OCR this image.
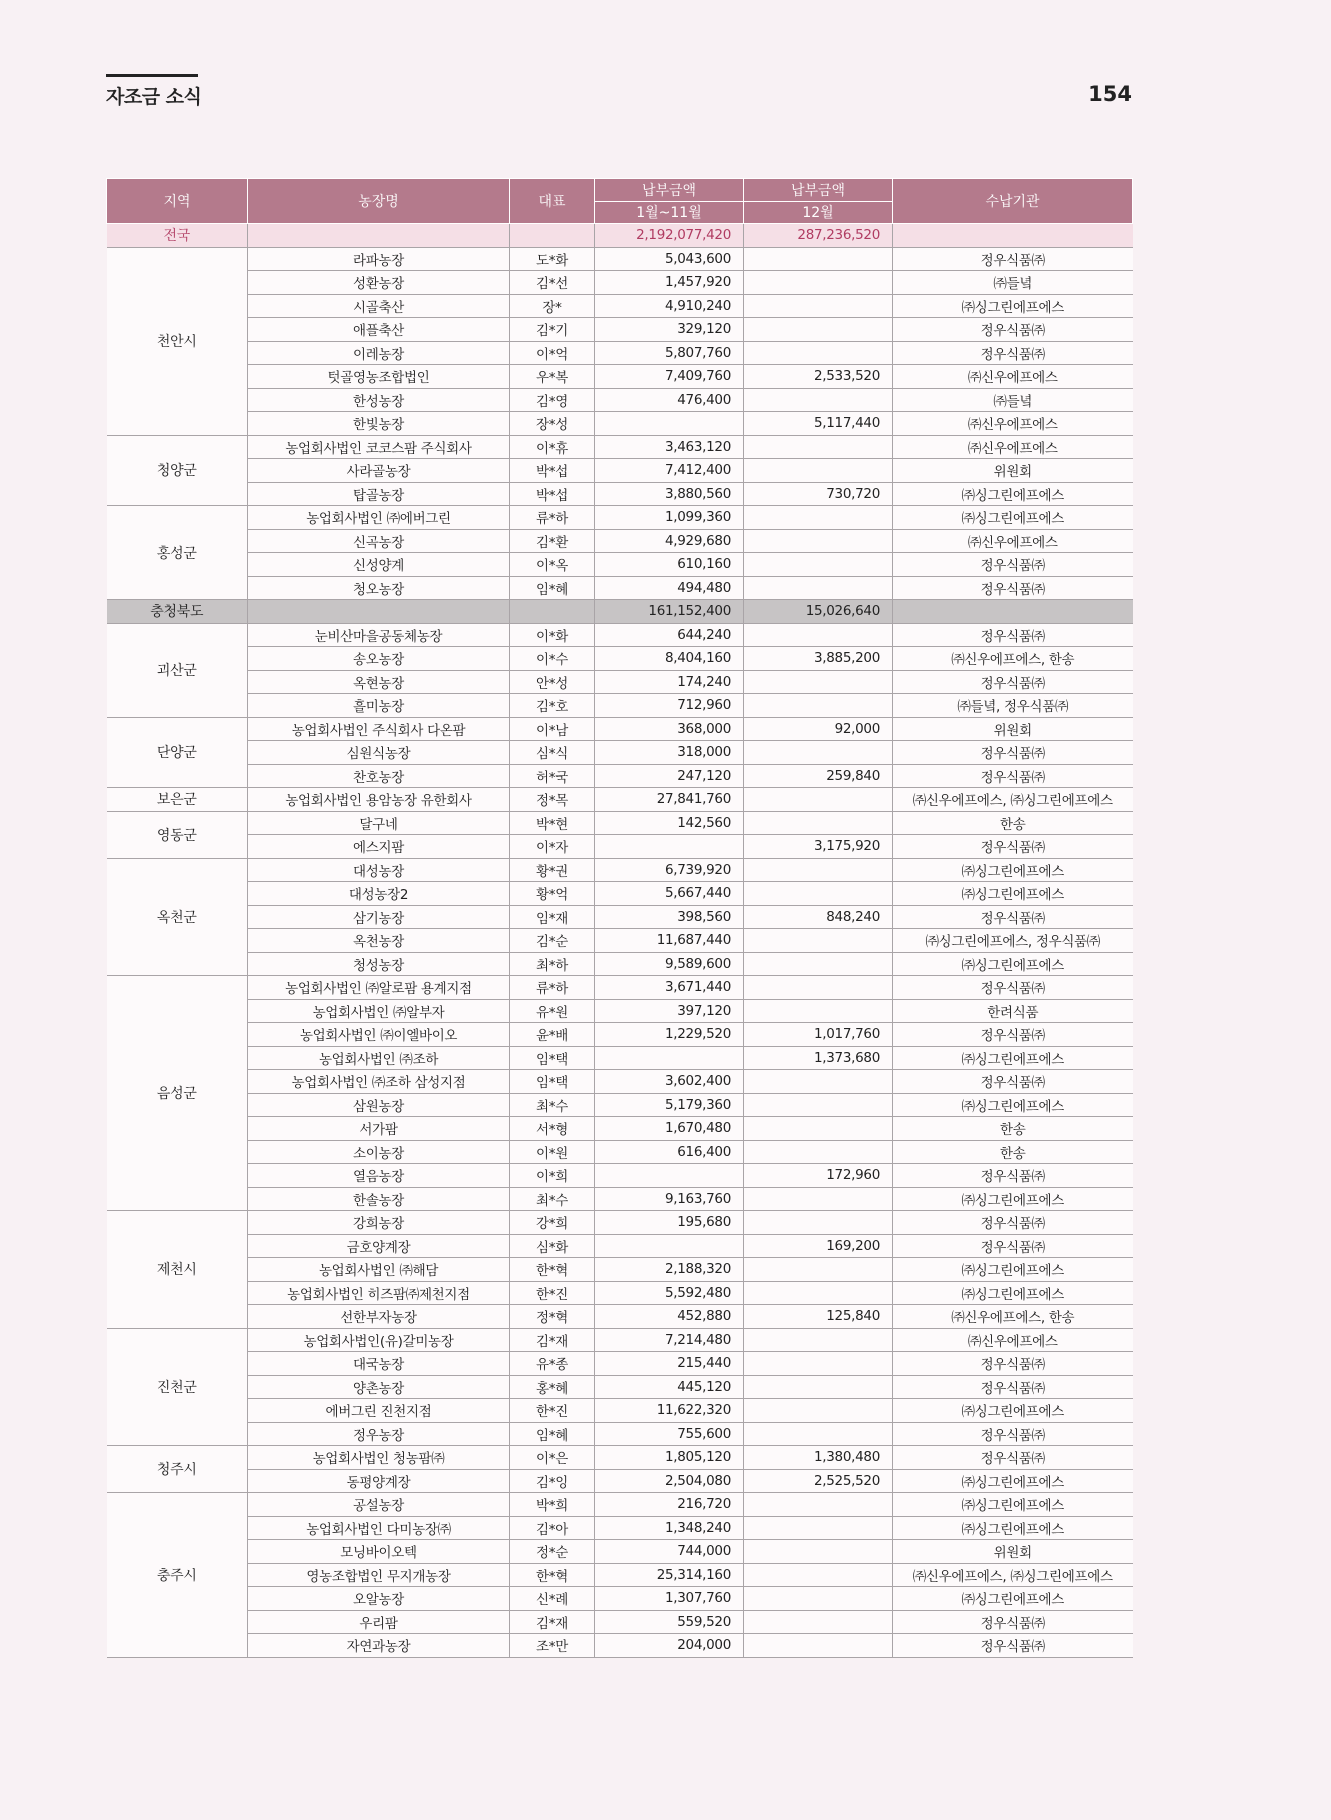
자조금 소식	154
지역	농장명	대표	납부금액	납부금액	수납기관
			1월~11월	12월	
전국			2,192,077,420	287,236,520	
천안시	라파농장	도*화	5,043,600		정우식품㈜
	성환농장	김*선	1,457,920		㈜들녘
	시골축산	장*	4,910,240		㈜싱그린에프에스
	애플축산	김*기	329,120		정우식품㈜
	이레농장	이*억	5,807,760		정우식품㈜
	텃골영농조합법인	우*복	7,409,760	2,533,520	㈜신우에프에스
	한성농장	김*영	476,400		㈜들녘
	한빛농장	장*성		5,117,440	㈜신우에프에스
청양군	농업회사법인 코코스팜 주식회사	이*휴	3,463,120		㈜신우에프에스
	사라골농장	박*섭	7,412,400		위원회
	탑골농장	박*섭	3,880,560	730,720	㈜싱그린에프에스
홍성군	농업회사법인 ㈜에버그린	류*하	1,099,360		㈜싱그린에프에스
	신곡농장	김*환	4,929,680		㈜신우에프에스
	신성양계	이*옥	610,160		정우식품㈜
	청오농장	임*혜	494,480		정우식품㈜
충청북도			161,152,400	15,026,640	
괴산군	눈비산마을공동체농장	이*화	644,240		정우식품㈜
	송오농장	이*수	8,404,160	3,885,200	㈜신우에프에스, 한송
	옥현농장	안*성	174,240		정우식품㈜
	흘미농장	김*호	712,960		㈜들녘, 정우식품㈜
단양군	농업회사법인 주식회사 다온팜	이*남	368,000	92,000	위원회
	심원식농장	심*식	318,000		정우식품㈜
	찬호농장	허*국	247,120	259,840	정우식품㈜
보은군	농업회사법인 용암농장 유한회사	정*목	27,841,760		㈜신우에프에스, ㈜싱그린에프에스
영동군	달구네	박*현	142,560		한송
	에스지팜	이*자		3,175,920	정우식품㈜
옥천군	대성농장	황*권	6,739,920		㈜싱그린에프에스
	대성농장2	황*억	5,667,440		㈜싱그린에프에스
	삼기농장	임*재	398,560	848,240	정우식품㈜
	옥천농장	김*순	11,687,440		㈜싱그린에프에스, 정우식품㈜
	청성농장	최*하	9,589,600		㈜싱그린에프에스
음성군	농업회사법인 ㈜알로팜 용계지점	류*하	3,671,440		정우식품㈜
	농업회사법인 ㈜알부자	유*원	397,120		한려식품
	농업회사법인 ㈜이엘바이오	윤*배	1,229,520	1,017,760	정우식품㈜
	농업회사법인 ㈜조하	임*택		1,373,680	㈜싱그린에프에스
	농업회사법인 ㈜조하 삼성지점	임*택	3,602,400		정우식품㈜
	삼원농장	최*수	5,179,360		㈜싱그린에프에스
	서가팜	서*형	1,670,480		한송
	소이농장	이*원	616,400		한송
	열음농장	이*희		172,960	정우식품㈜
	한솔농장	최*수	9,163,760		㈜싱그린에프에스
제천시	강희농장	강*희	195,680		정우식품㈜
	금호양계장	심*화		169,200	정우식품㈜
	농업회사법인 ㈜해담	한*혁	2,188,320		㈜싱그린에프에스
	농업회사법인 히즈팜㈜제천지점	한*진	5,592,480		㈜싱그린에프에스
	선한부자농장	정*혁	452,880	125,840	㈜신우에프에스, 한송
진천군	농업회사법인(유)갈미농장	김*재	7,214,480		㈜신우에프에스
	대국농장	유*종	215,440		정우식품㈜
	양촌농장	홍*혜	445,120		정우식품㈜
	에버그린 진천지점	한*진	11,622,320		㈜싱그린에프에스
	정우농장	임*혜	755,600		정우식품㈜
청주시	농업회사법인 청농팜㈜	이*은	1,805,120	1,380,480	정우식품㈜
	동평양계장	김*잉	2,504,080	2,525,520	㈜싱그린에프에스
충주시	공설농장	박*희	216,720		㈜싱그린에프에스
	농업회사법인 다미농장㈜	김*아	1,348,240		㈜싱그린에프에스
	모닝바이오텍	정*순	744,000		위원회
	영농조합법인 무지개농장	한*혁	25,314,160		㈜신우에프에스, ㈜싱그린에프에스
	오알농장	신*례	1,307,760		㈜싱그린에프에스
	우리팜	김*재	559,520		정우식품㈜
	자연과농장	조*만	204,000		정우식품㈜
